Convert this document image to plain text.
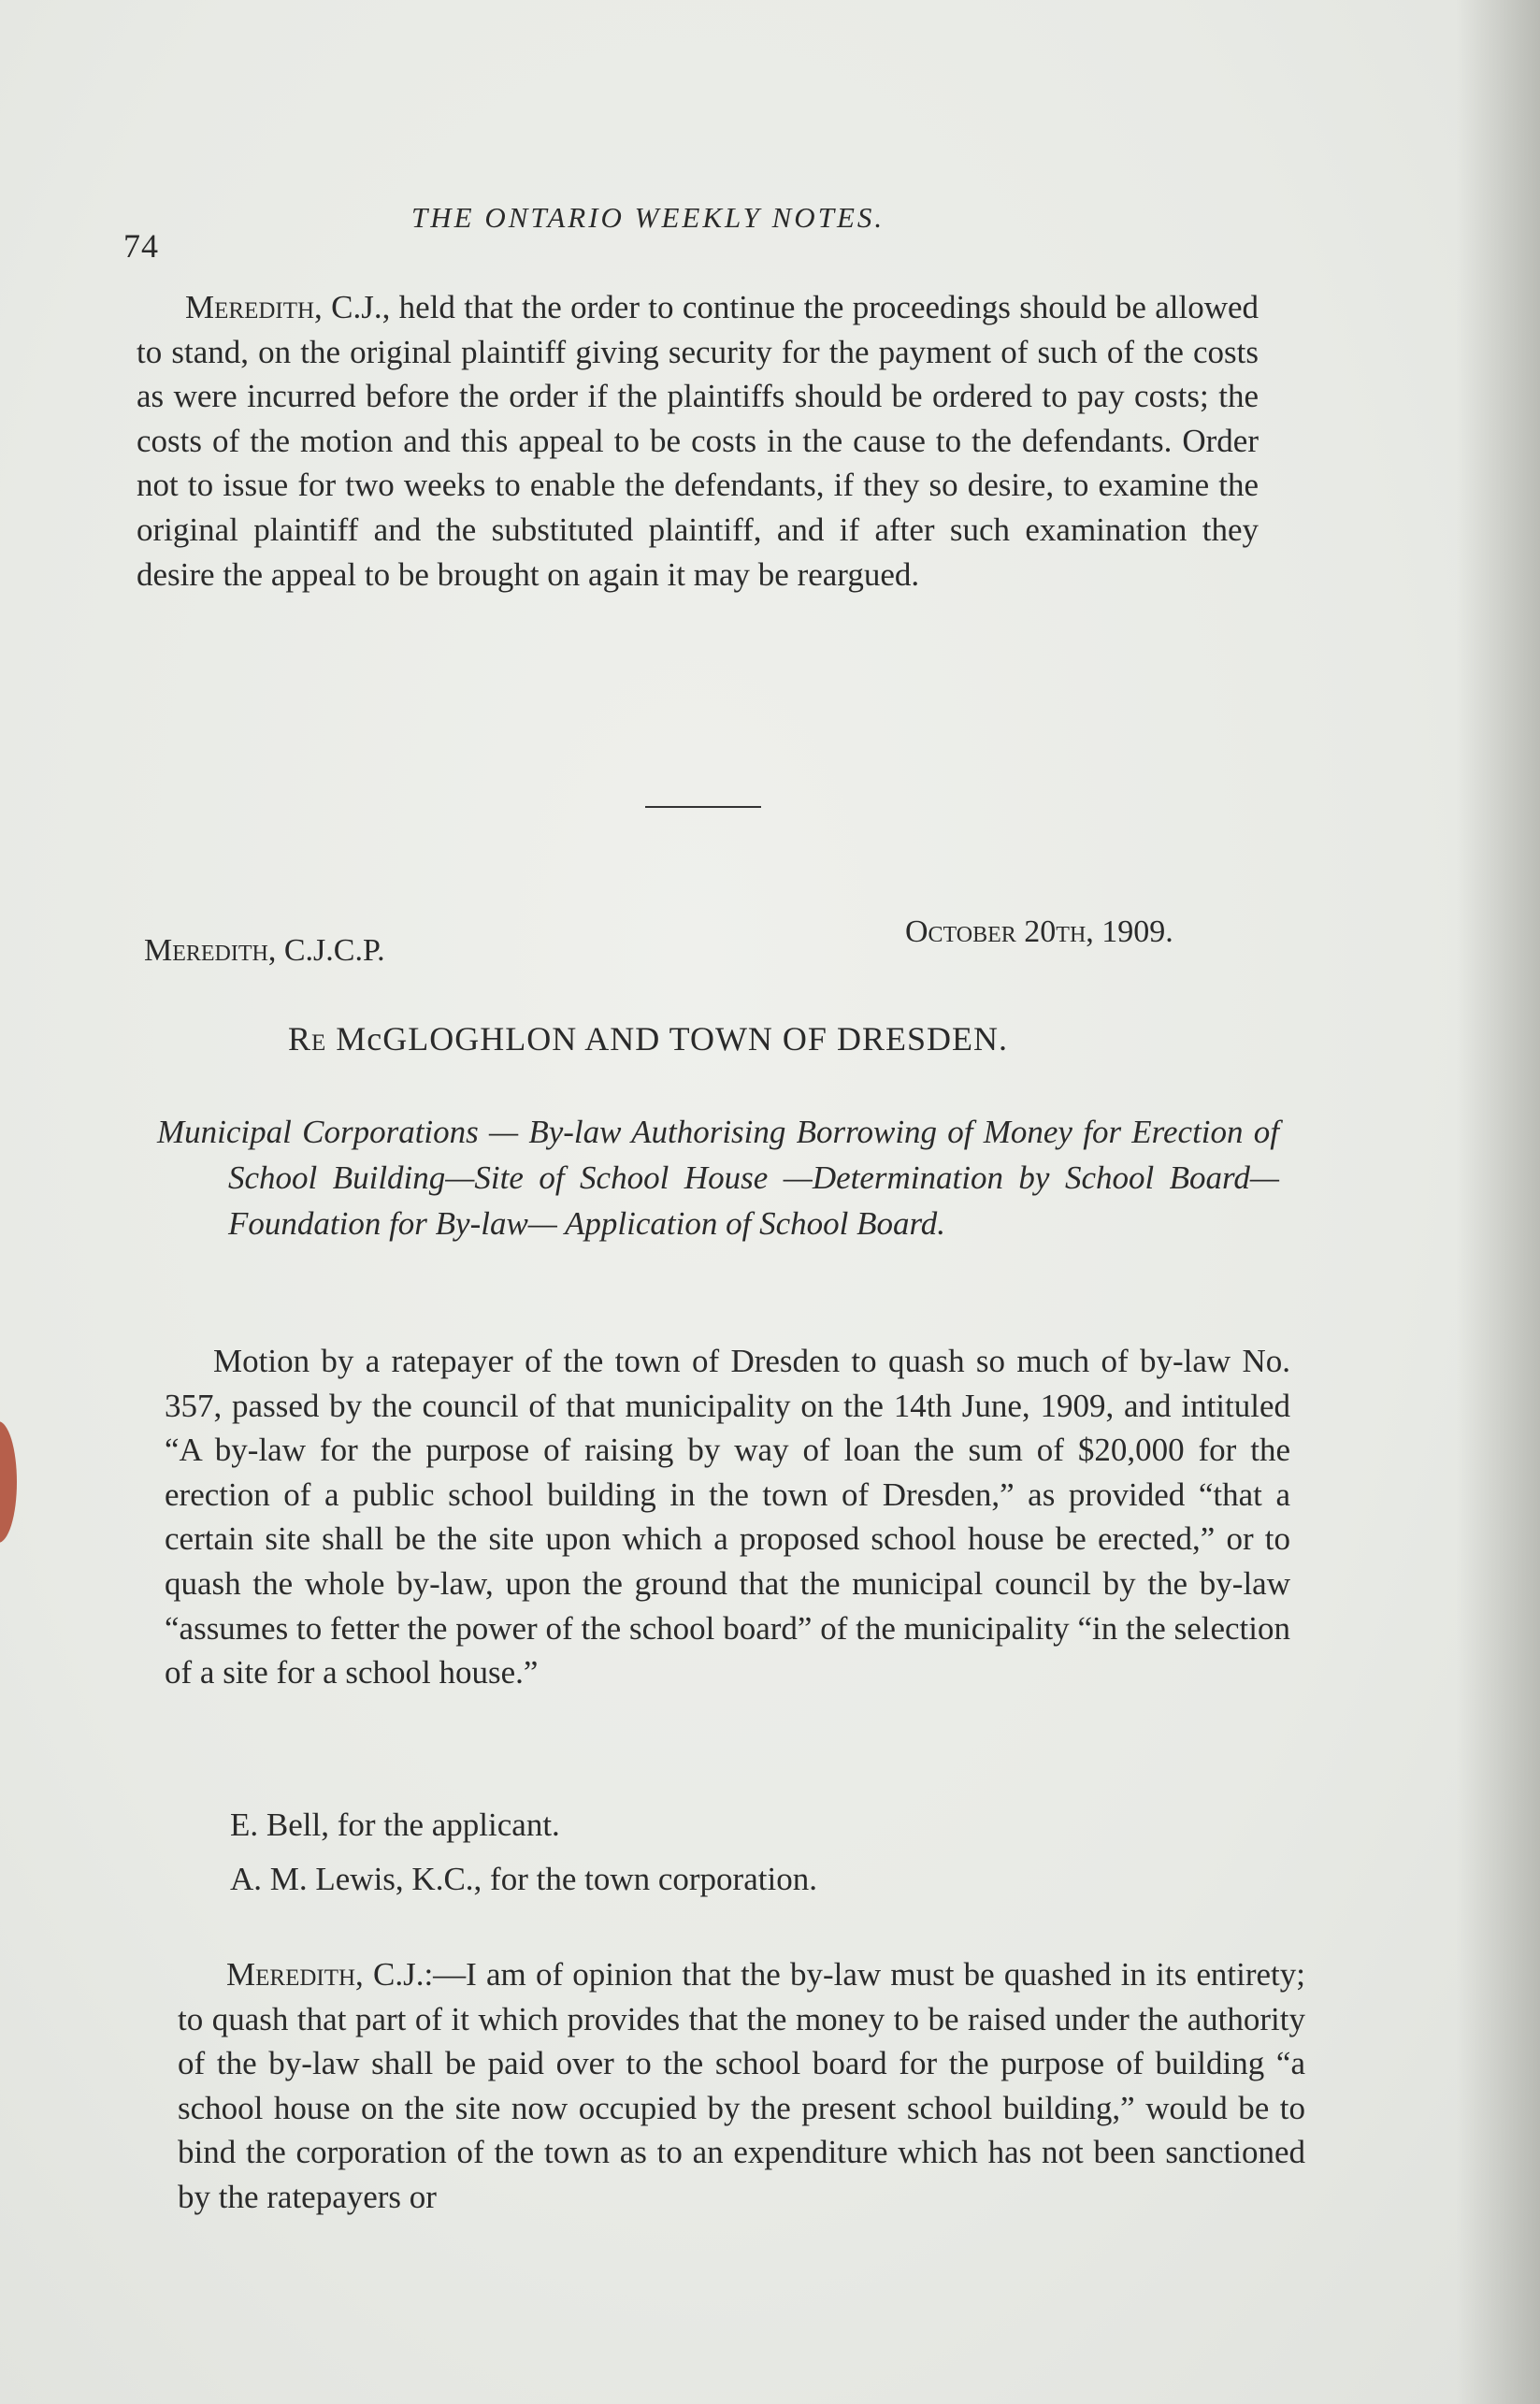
74
THE ONTARIO WEEKLY NOTES.
Meredith, C.J., held that the order to continue the proceedings should be allowed to stand, on the original plaintiff giving security for the payment of such of the costs as were incurred before the order if the plaintiffs should be ordered to pay costs; the costs of the motion and this appeal to be costs in the cause to the defendants. Order not to issue for two weeks to enable the defendants, if they so desire, to examine the original plaintiff and the substituted plaintiff, and if after such examination they desire the appeal to be brought on again it may be reargued.
Meredith, C.J.C.P.
October 20th, 1909.
Re McGLOGHLON AND TOWN OF DRESDEN.
Municipal Corporations — By-law Authorising Borrowing of Money for Erection of School Building—Site of School House —Determination by School Board—Foundation for By-law— Application of School Board.
Motion by a ratepayer of the town of Dresden to quash so much of by-law No. 357, passed by the council of that municipality on the 14th June, 1909, and intituled “A by-law for the purpose of raising by way of loan the sum of $20,000 for the erection of a public school building in the town of Dresden,” as provided “that a certain site shall be the site upon which a proposed school house be erected,” or to quash the whole by-law, upon the ground that the municipal council by the by-law “assumes to fetter the power of the school board” of the municipality “in the selection of a site for a school house.”
E. Bell, for the applicant.
A. M. Lewis, K.C., for the town corporation.
Meredith, C.J.:—I am of opinion that the by-law must be quashed in its entirety; to quash that part of it which provides that the money to be raised under the authority of the by-law shall be paid over to the school board for the purpose of building “a school house on the site now occupied by the present school building,” would be to bind the corporation of the town as to an expenditure which has not been sanctioned by the ratepayers or
